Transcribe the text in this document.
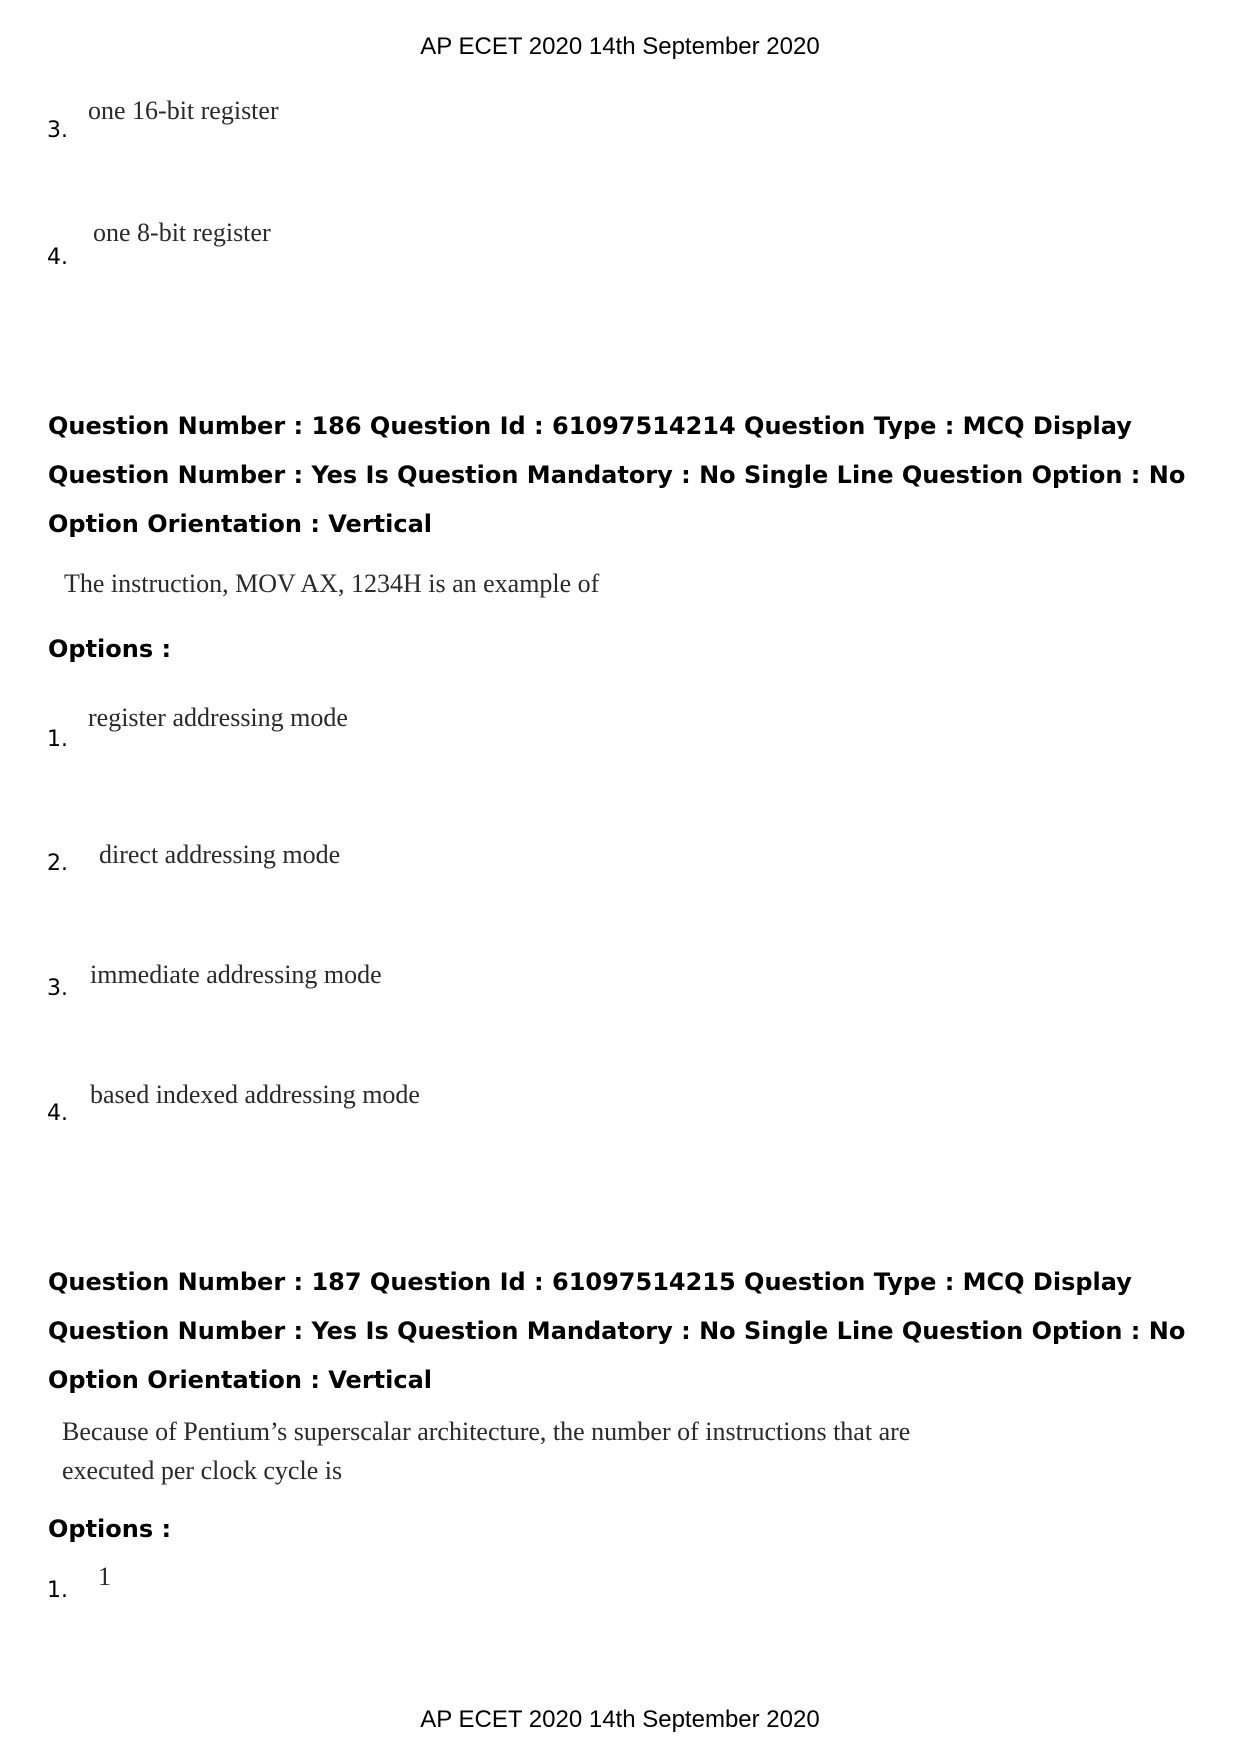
AP ECET 2020 14th September 2020
3.
one 16-bit register
4.
one 8-bit register

Question Number : 186 Question Id : 61097514214 Question Type : MCQ Display Question Number : Yes Is Question Mandatory : No Single Line Question Option : No Option Orientation : Vertical

The instruction, MOV AX, 1234H is an example of
Options :
1.
register addressing mode
2. direct addressing mode
3. immediate addressing mode
4.
based indexed addressing mode

Question Number : 187 Question Id : 61097514215 Question Type : MCQ Display Question Number : Yes Is Question Mandatory : No Single Line Question Option : No Option Orientation : Vertical

Because of Pentium’s superscalar architecture, the number of instructions that are executed per clock cycle is
Options :
1. 1
AP ECET 2020 14th September 2020
